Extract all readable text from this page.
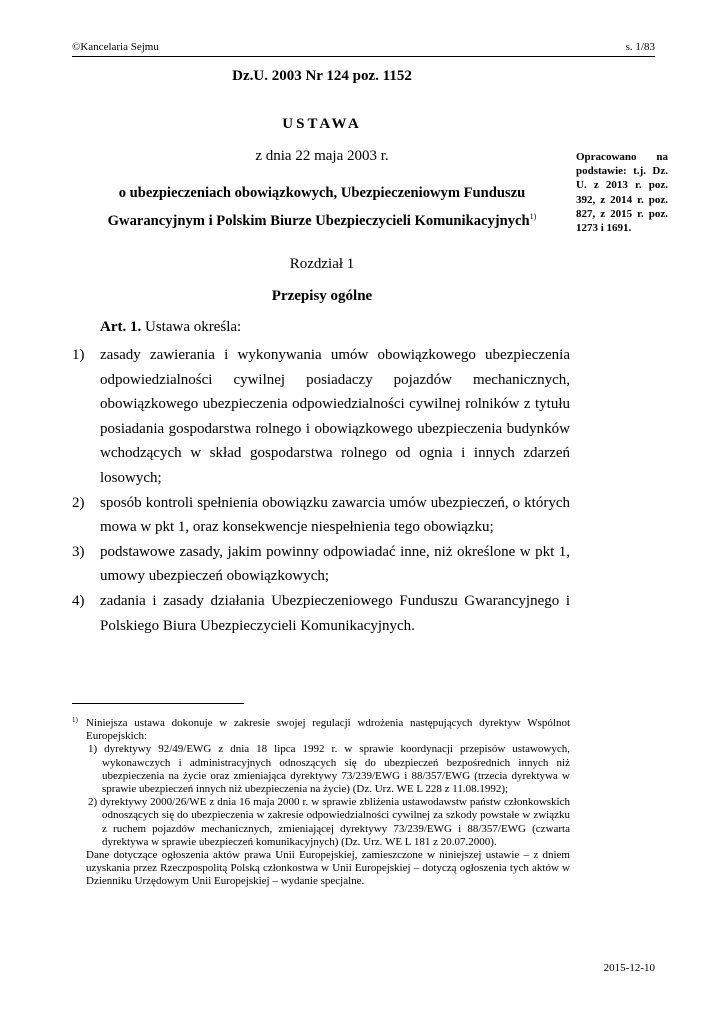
©Kancelaria Sejmu	s. 1/83
Dz.U. 2003 Nr 124 poz. 1152
USTAWA
z dnia 22 maja 2003 r.
o ubezpieczeniach obowiązkowych, Ubezpieczeniowym Funduszu
Gwarancyjnym i Polskim Biurze Ubezpieczycieli Komunikacyjnych$^{1)}$
Rozdział 1
Przepisy ogólne
Opracowano na podstawie: t.j. Dz. U. z 2013 r. poz. 392, z 2014 r. poz. 827, z 2015 r. poz. 1273 i 1691.
Art. 1. Ustawa określa:
1) zasady zawierania i wykonywania umów obowiązkowego ubezpieczenia odpowiedzialności cywilnej posiadaczy pojazdów mechanicznych, obowiązkowego ubezpieczenia odpowiedzialności cywilnej rolników z tytułu posiadania gospodarstwa rolnego i obowiązkowego ubezpieczenia budynków wchodzących w skład gospodarstwa rolnego od ognia i innych zdarzeń losowych;
2) sposób kontroli spełnienia obowiązku zawarcia umów ubezpieczeń, o których mowa w pkt 1, oraz konsekwencje niespełnienia tego obowiązku;
3) podstawowe zasady, jakim powinny odpowiadać inne, niż określone w pkt 1, umowy ubezpieczeń obowiązkowych;
4) zadania i zasady działania Ubezpieczeniowego Funduszu Gwarancyjnego i Polskiego Biura Ubezpieczycieli Komunikacyjnych.
1) Niniejsza ustawa dokonuje w zakresie swojej regulacji wdrożenia następujących dyrektyw Wspólnot Europejskich:
1) dyrektywy 92/49/EWG z dnia 18 lipca 1992 r. w sprawie koordynacji przepisów ustawowych, wykonawczych i administracyjnych odnoszących się do ubezpieczeń bezpośrednich innych niż ubezpieczenia na życie oraz zmieniająca dyrektywy 73/239/EWG i 88/357/EWG (trzecia dyrektywa w sprawie ubezpieczeń innych niż ubezpieczenia na życie) (Dz. Urz. WE L 228 z 11.08.1992);
2) dyrektywy 2000/26/WE z dnia 16 maja 2000 r. w sprawie zbliżenia ustawodawstw państw członkowskich odnoszących się do ubezpieczenia w zakresie odpowiedzialności cywilnej za szkody powstałe w związku z ruchem pojazdów mechanicznych, zmieniającej dyrektywy 73/239/EWG i 88/357/EWG (czwarta dyrektywa w sprawie ubezpieczeń komunikacyjnych) (Dz. Urz. WE L 181 z 20.07.2000).
Dane dotyczące ogłoszenia aktów prawa Unii Europejskiej, zamieszczone w niniejszej ustawie – z dniem uzyskania przez Rzeczpospolitą Polską członkostwa w Unii Europejskiej – dotyczą ogłoszenia tych aktów w Dzienniku Urzędowym Unii Europejskiej – wydanie specjalne.
2015-12-10
